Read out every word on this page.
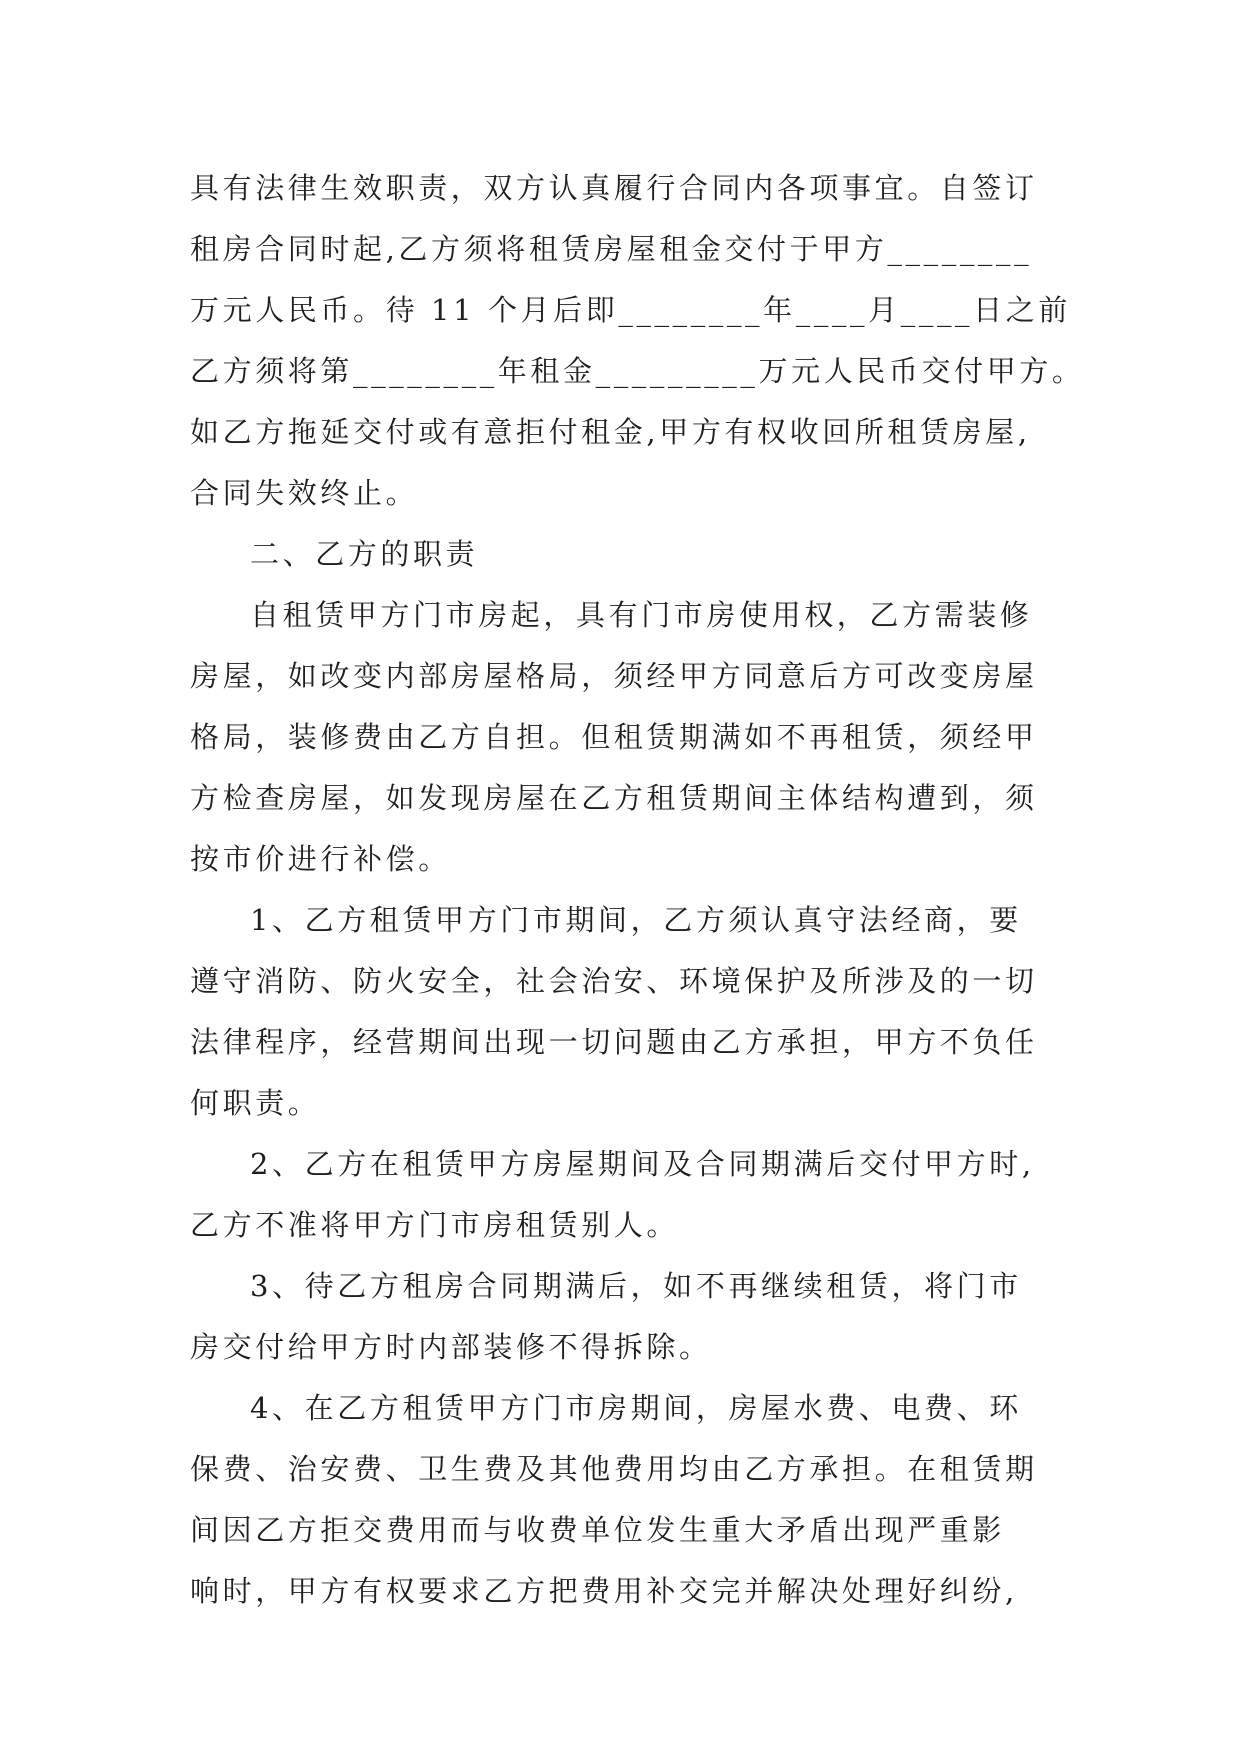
具有法律生效职责，双方认真履行合同内各项事宜。自签订
租房合同时起,乙方须将租赁房屋租金交付于甲方________
万元人民币。待 11 个月后即________年____月____日之前
乙方须将第________年租金_________万元人民币交付甲方。
如乙方拖延交付或有意拒付租金,甲方有权收回所租赁房屋,
合同失效终止。
二、乙方的职责
自租赁甲方门市房起，具有门市房使用权，乙方需装修
房屋，如改变内部房屋格局，须经甲方同意后方可改变房屋
格局，装修费由乙方自担。但租赁期满如不再租赁，须经甲
方检查房屋，如发现房屋在乙方租赁期间主体结构遭到，须
按市价进行补偿。
1、乙方租赁甲方门市期间，乙方须认真守法经商，要
遵守消防、防火安全，社会治安、环境保护及所涉及的一切
法律程序，经营期间出现一切问题由乙方承担，甲方不负任
何职责。
2、乙方在租赁甲方房屋期间及合同期满后交付甲方时,
乙方不准将甲方门市房租赁别人。
3、待乙方租房合同期满后，如不再继续租赁，将门市
房交付给甲方时内部装修不得拆除。
4、在乙方租赁甲方门市房期间，房屋水费、电费、环
保费、治安费、卫生费及其他费用均由乙方承担。在租赁期
间因乙方拒交费用而与收费单位发生重大矛盾出现严重影
响时，甲方有权要求乙方把费用补交完并解决处理好纠纷,
